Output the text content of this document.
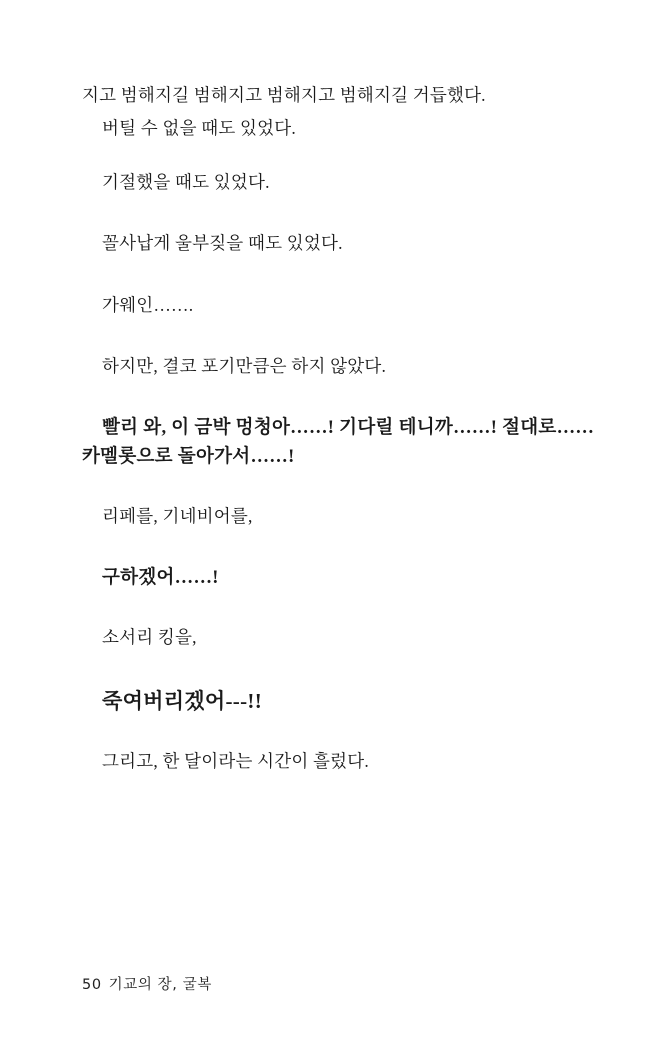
지고 범해지길 범해지고 범해지고 범해지길 거듭했다.

버틸 수 없을 때도 있었다.

기절했을 때도 있었다.

꼴사납게 울부짖을 때도 있었다.

가웨인…….

하지만, 결코 포기만큼은 하지 않았다.

빨리 와, 이 금박 멍청아……! 기다릴 테니까……! 절대로…… 카멜롯으로 돌아가서……!

리페를, 기네비어를,

구하겠어……!

소서리 킹을,

죽여버리겠어---!!

그리고, 한 달이라는 시간이 흘렀다.

50 기교의 장, 굴복
